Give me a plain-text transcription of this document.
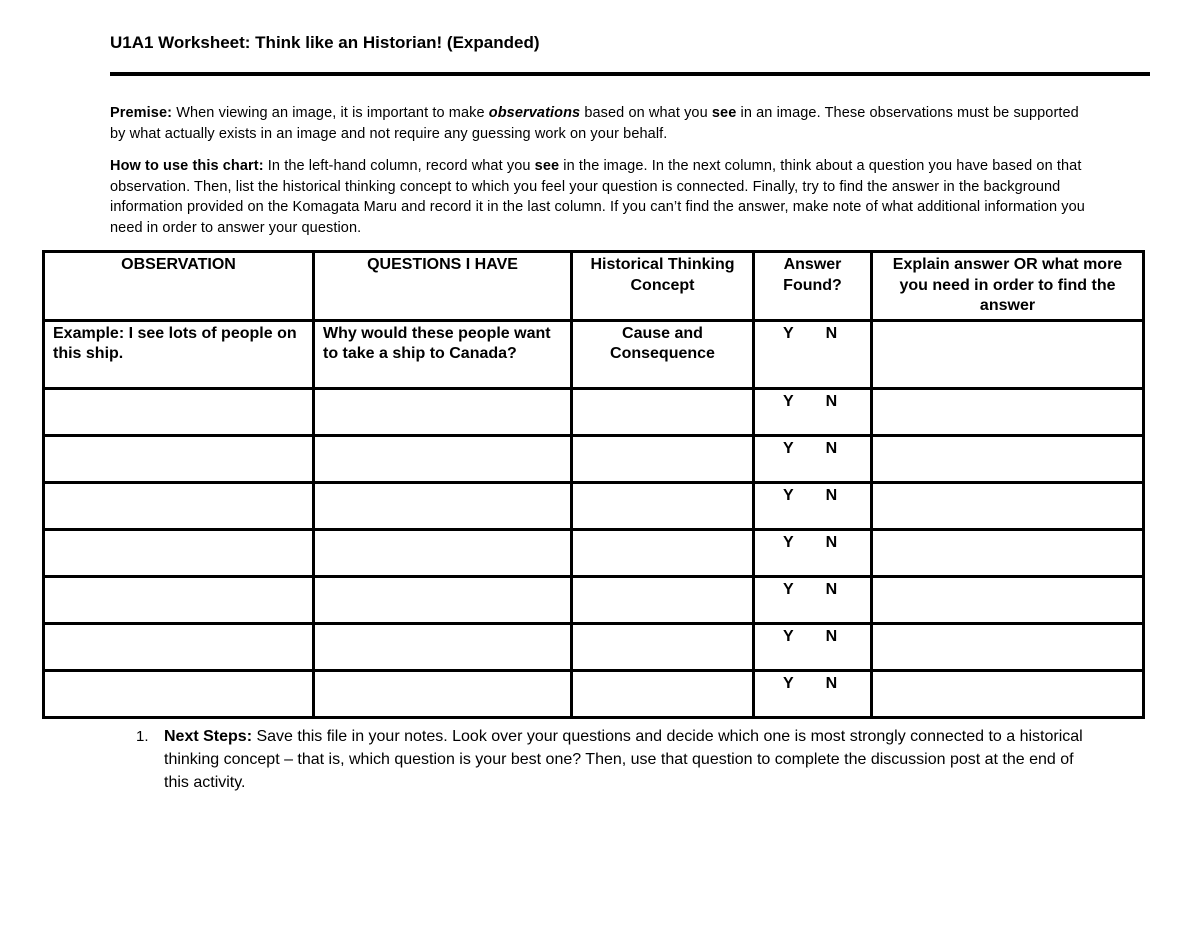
U1A1 Worksheet: Think like an Historian! (Expanded)
Premise: When viewing an image, it is important to make observations based on what you see in an image. These observations must be supported by what actually exists in an image and not require any guessing work on your behalf.
How to use this chart: In the left-hand column, record what you see in the image. In the next column, think about a question you have based on that observation. Then, list the historical thinking concept to which you feel your question is connected. Finally, try to find the answer in the background information provided on the Komagata Maru and record it in the last column. If you can’t find the answer, make note of what additional information you need in order to answer your question.
OBSERVATION	QUESTIONS I HAVE	Historical Thinking Concept	Answer Found?	Explain answer OR what more you need in order to find the answer
Example: I see lots of people on this ship.	Why would these people want to take a ship to Canada?	Cause and Consequence	Y N	

			Y N	

			Y N	

			Y N	

			Y N	

			Y N	

			Y N	

			Y N	

1. Next Steps: Save this file in your notes. Look over your questions and decide which one is most strongly connected to a historical thinking concept – that is, which question is your best one? Then, use that question to complete the discussion post at the end of this activity.
